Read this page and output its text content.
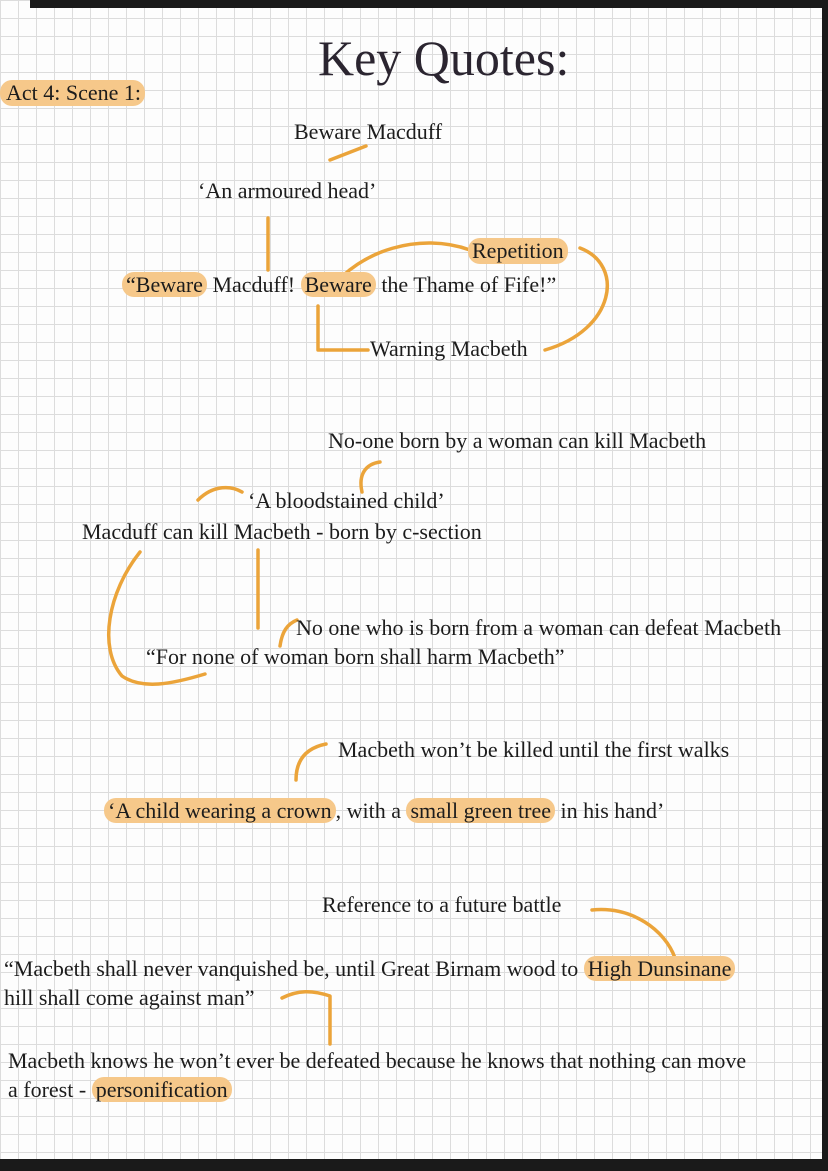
Key Quotes:
Act 4: Scene 1:
Beware Macduff
‘An armoured head’
Repetition
“Beware Macduff! Beware the Thame of Fife!”
Warning Macbeth
No-one born by a woman can kill Macbeth
‘A bloodstained child’
Macduff can kill Macbeth - born by c-section
No one who is born from a woman can defeat Macbeth
“For none of woman born shall harm Macbeth”
Macbeth won’t be killed until the first walks
‘A child wearing a crown , with a small green tree in his hand’
Reference to a future battle
“Macbeth shall never vanquished be, until Great Birnam wood to High Dunsinane
hill shall come against man”
Macbeth knows he won’t ever be defeated because he knows that nothing can move
a forest - personification
